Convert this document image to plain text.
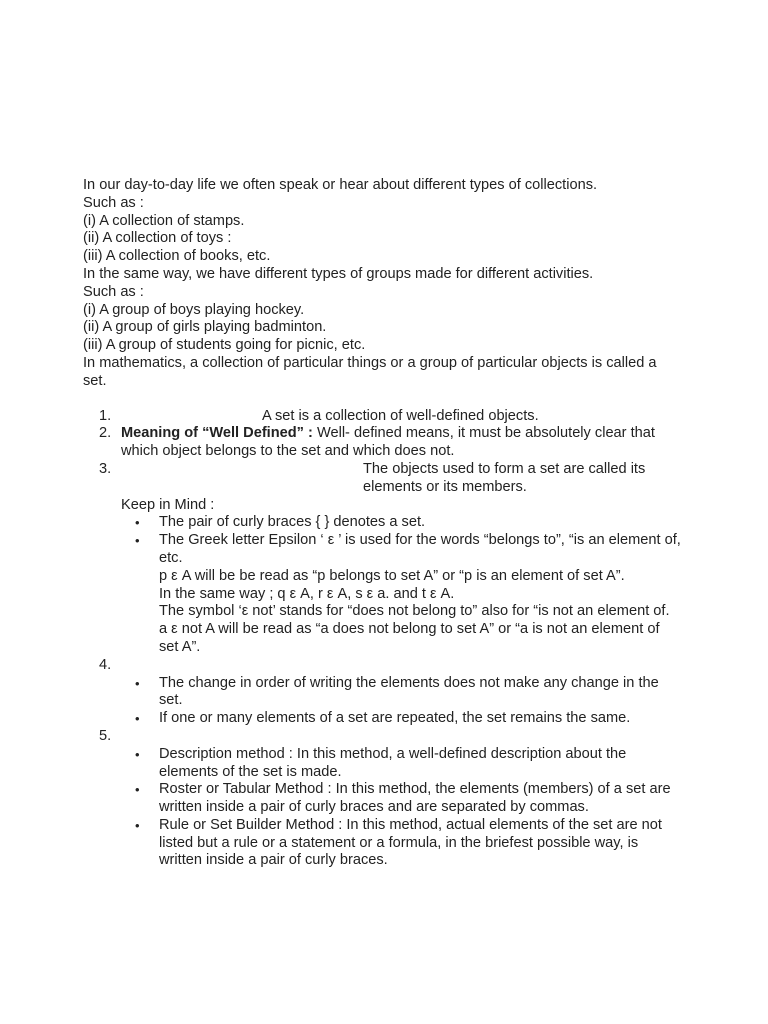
In our day-to-day life we often speak or hear about different types of collections.

Such as :

(i) A collection of stamps.

(ii) A collection of toys :

(iii) A collection of books, etc.

In the same way, we have different types of groups made for different activities.

Such as :

(i) A group of boys playing hockey.

(ii) A group of girls playing badminton.

(iii) A group of students going for picnic, etc.

In mathematics, a collection of particular things or a group of particular objects is called a set.

1.	A set is a collection of well-defined objects.
2. Meaning of “Well Defined” : Well- defined means, it must be absolutely clear that which object belongs to the set and which does not.
3.	The objects used to form a set are called its elements or its members.
Keep in Mind :
• The pair of curly braces { } denotes a set.
• The Greek letter Epsilon ‘ ε ’ is used for the words “belongs to”, “is an element of, etc.
p ε A will be be read as “p belongs to set A” or “p is an element of set A”.
In the same way ; q ε A, r ε A, s ε a. and t ε A.
The symbol ‘ε not’ stands for “does not belong to” also for “is not an element of.
a ε not A will be read as “a does not belong to set A” or “a is not an element of set A”.
4.
• The change in order of writing the elements does not make any change in the set.
• If one or many elements of a set are repeated, the set remains the same.
5.
• Description method : In this method, a well-defined description about the elements of the set is made.
• Roster or Tabular Method : In this method, the elements (members) of a set are written inside a pair of curly braces and are separated by commas.
• Rule or Set Builder Method : In this method, actual elements of the set are not listed but a rule or a statement or a formula, in the briefest possible way, is written inside a pair of curly braces.
